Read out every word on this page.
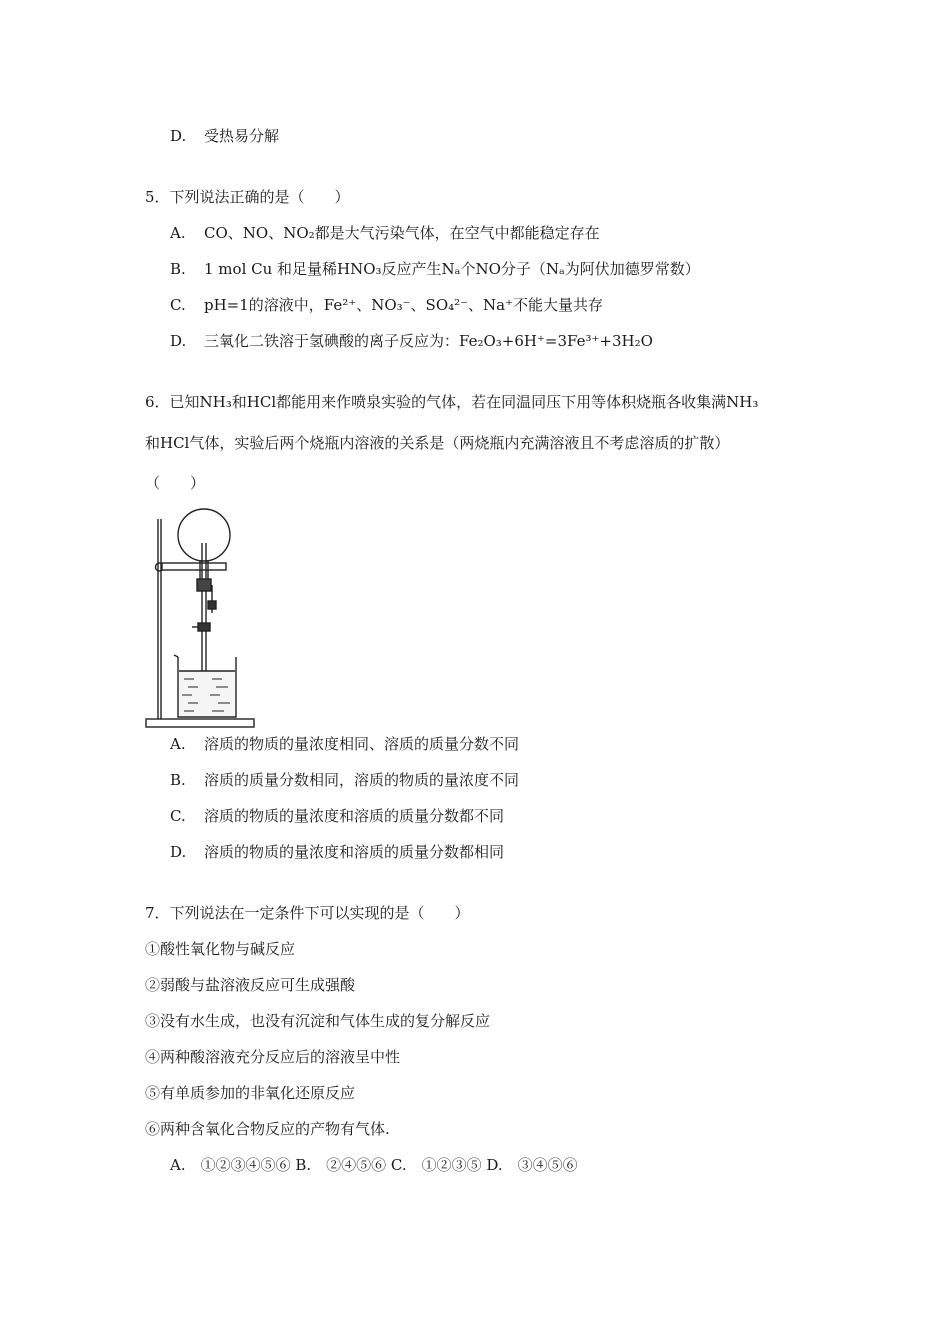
D. 受热易分解
5．下列说法正确的是（　　）
A. CO、NO、NO₂都是大气污染气体，在空气中都能稳定存在
B. 1 mol Cu 和足量稀HNO₃反应产生Nₐ个NO分子（Nₐ为阿伏加德罗常数）
C. pH=1的溶液中，Fe²⁺、NO₃⁻、SO₄²⁻、Na⁺不能大量共存
D. 三氧化二铁溶于氢碘酸的离子反应为：Fe₂O₃+6H⁺=3Fe³⁺+3H₂O
6．已知NH₃和HCl都能用来作喷泉实验的气体，若在同温同压下用等体积烧瓶各收集满NH₃
和HCl气体，实验后两个烧瓶内溶液的关系是（两烧瓶内充满溶液且不考虑溶质的扩散）
（　　）
A. 溶质的物质的量浓度相同、溶质的质量分数不同
B. 溶质的质量分数相同，溶质的物质的量浓度不同
C. 溶质的物质的量浓度和溶质的质量分数都不同
D. 溶质的物质的量浓度和溶质的质量分数都相同
7．下列说法在一定条件下可以实现的是（　　）
①酸性氧化物与碱反应
②弱酸与盐溶液反应可生成强酸
③没有水生成，也没有沉淀和气体生成的复分解反应
④两种酸溶液充分反应后的溶液呈中性
⑤有单质参加的非氧化还原反应
⑥两种含氧化合物反应的产物有气体.
A.　①②③④⑤⑥ B.　②④⑤⑥ C.　①②③⑤ D.　③④⑤⑥
